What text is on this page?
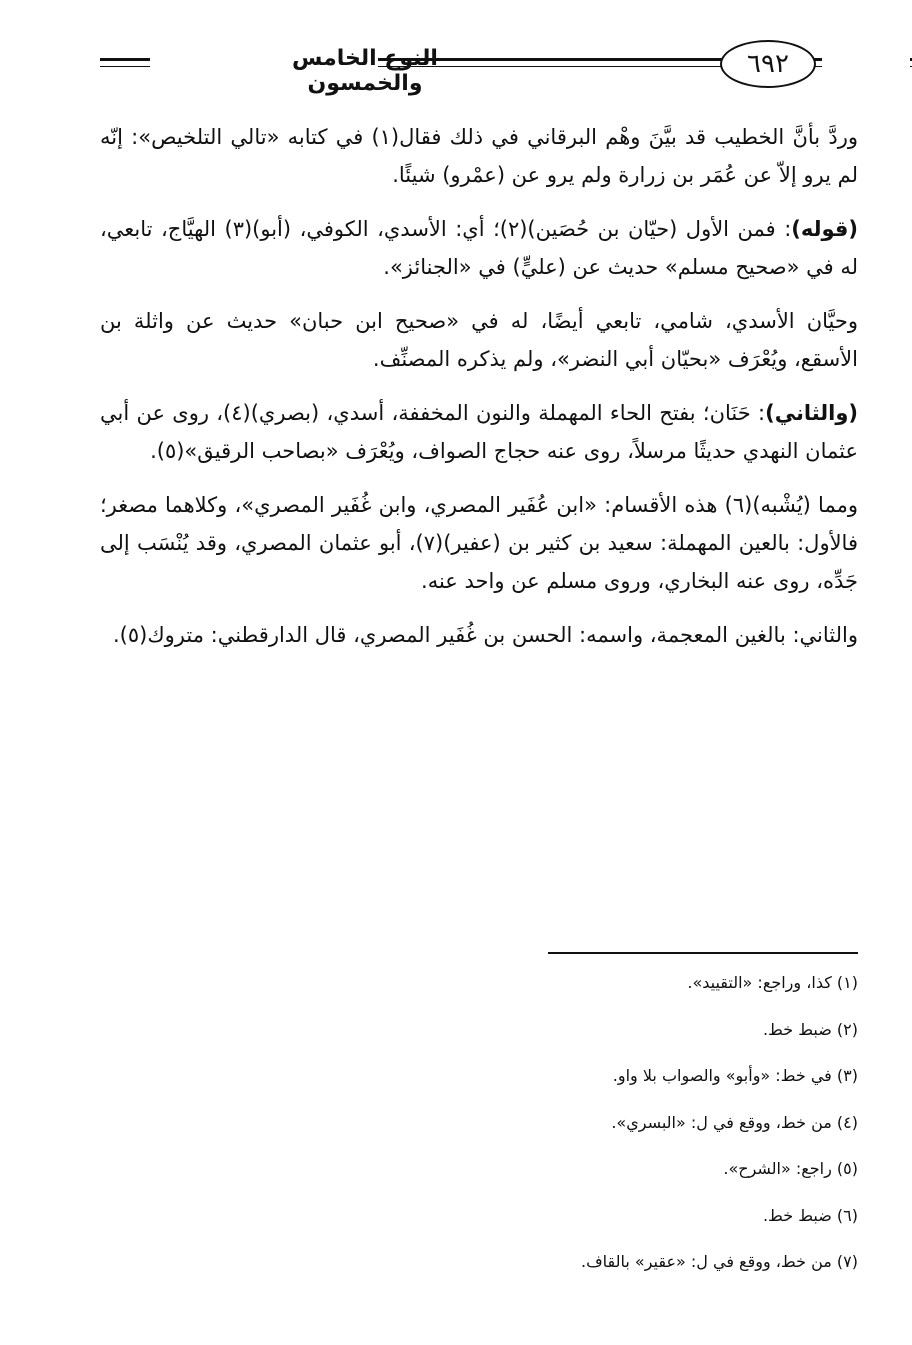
النوع الخامس والخمسون
٦٩٢

وردَّ بأنَّ الخطيب قد بيَّنَ وهْم البرقاني في ذلك فقال(١) في كتابه «تالي التلخيص»: إنّه لم يرو إلاّ عن عُمَر بن زرارة ولم يرو عن (عمْرو) شيئًا.

(قوله): فمن الأول (حيّان بن حُصَين)(٢)؛ أي: الأسدي، الكوفي، (أبو)(٣) الهيَّاج، تابعي، له في «صحيح مسلم» حديث عن (عليٍّ) في «الجنائز».

وحيَّان الأسدي، شامي، تابعي أيضًا، له في «صحيح ابن حبان» حديث عن واثلة بن الأسقع، ويُعْرَف «بحيّان أبي النضر»، ولم يذكره المصنِّف.

(والثاني): حَنَان؛ بفتح الحاء المهملة والنون المخففة، أسدي، (بصري)(٤)، روى عن أبي عثمان النهدي حديثًا مرسلاً، روى عنه حجاج الصواف، ويُعْرَف «بصاحب الرقيق»(٥).

ومما (يُشْبه)(٦) هذه الأقسام: «ابن عُفَير المصري، وابن غُفَير المصري»، وكلاهما مصغر؛ فالأول: بالعين المهملة: سعيد بن كثير بن (عفير)(٧)، أبو عثمان المصري، وقد يُنْسَب إلى جَدِّه، روى عنه البخاري، وروى مسلم عن واحد عنه.

والثاني: بالغين المعجمة، واسمه: الحسن بن غُفَير المصري، قال الدارقطني: متروك(٥).

(١) كذا، وراجع: «التقييد».
(٢) ضبط خط.
(٣) في خط: «وأبو» والصواب بلا واو.
(٤) من خط، ووقع في ل: «البسري».
(٥) راجع: «الشرح».
(٦) ضبط خط.
(٧) من خط، ووقع في ل: «عقير» بالقاف.
